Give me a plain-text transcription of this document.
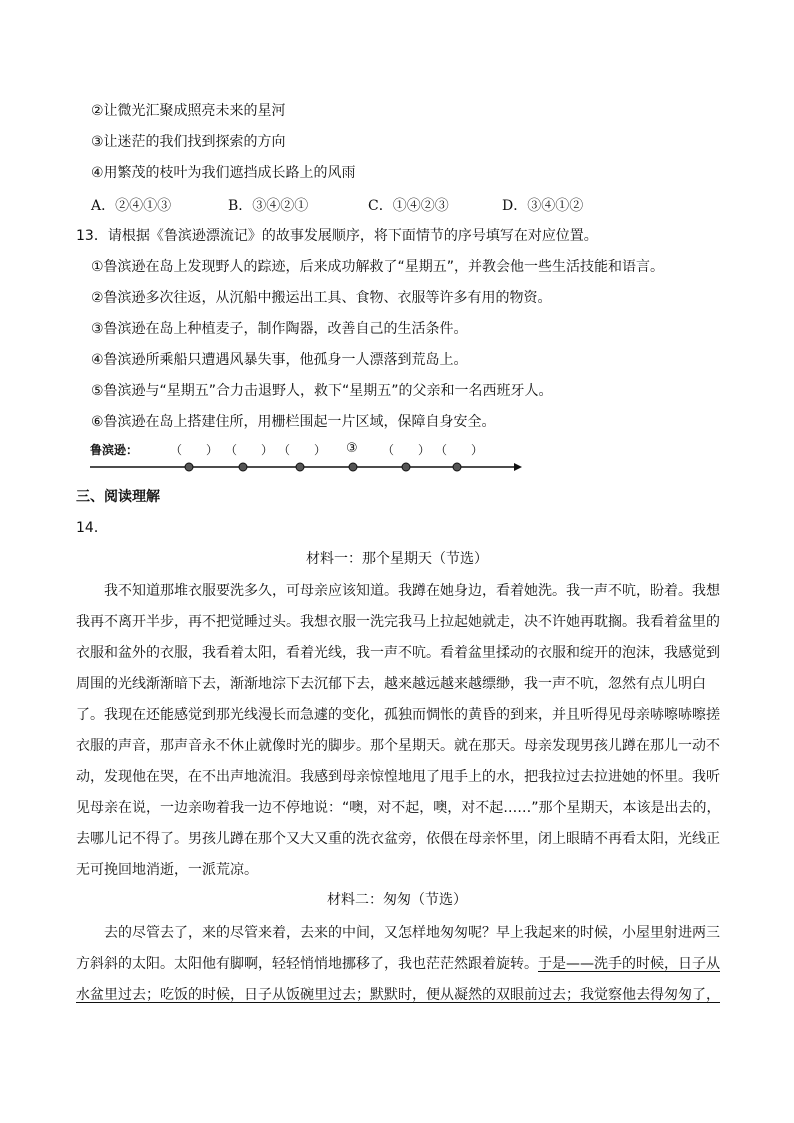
②让微光汇聚成照亮未来的星河
③让迷茫的我们找到探索的方向
④用繁茂的枝叶为我们遮挡成长路上的风雨
A．②④①③	B．③④②①	C．①④②③	D．③④①②
13．请根据《鲁滨逊漂流记》的故事发展顺序，将下面情节的序号填写在对应位置。
①鲁滨逊在岛上发现野人的踪迹，后来成功解救了“星期五”，并教会他一些生活技能和语言。
②鲁滨逊多次往返，从沉船中搬运出工具、食物、衣服等许多有用的物资。
③鲁滨逊在岛上种植麦子，制作陶器，改善自己的生活条件。
④鲁滨逊所乘船只遭遇风暴失事，他孤身一人漂落到荒岛上。
⑤鲁滨逊与“星期五”合力击退野人，救下“星期五”的父亲和一名西班牙人。
⑥鲁滨逊在岛上搭建住所，用栅栏围起一片区域，保障自身安全。
鲁滨逊：	（　　） （　　） （　　） ③ （　　） （　　）
三、阅读理解
14．
材料一：那个星期天（节选）
我不知道那堆衣服要洗多久，可母亲应该知道。我蹲在她身边，看着她洗。我一声不吭，盼着。我想我再不离开半步，再不把觉睡过头。我想衣服一洗完我马上拉起她就走，决不许她再耽搁。我看着盆里的衣服和盆外的衣服，我看着太阳，看着光线，我一声不吭。看着盆里揉动的衣服和绽开的泡沫，我感觉到周围的光线渐渐暗下去，渐渐地淙下去沉郁下去，越来越远越来越缥缈，我一声不吭，忽然有点儿明白了。 我现在还能感觉到那光线漫长而急遽的变化，孤独而惆怅的黄昏的到来，并且听得见母亲哧嚓哧嚓搓衣服的声音，那声音永不休止就像时光的脚步。那个星期天。就在那天。母亲发现男孩儿蹲在那儿一动不动，发现他在哭，在不出声地流泪。我感到母亲惊惶地甩了甩手上的水，把我拉过去拉进她的怀里。我听见母亲在说，一边亲吻着我一边不停地说：“噢，对不起，噢，对不起……”那个星期天，本该是出去的，去哪儿记不得了。男孩儿蹲在那个又大又重的洗衣盆旁，依偎在母亲怀里，闭上眼睛不再看太阳，光线正无可挽回地消逝，一派荒凉。
材料二：匆匆（节选）
去的尽管去了，来的尽管来着，去来的中间，又怎样地匆匆呢？早上我起来的时候，小屋里射进两三方斜斜的太阳。太阳他有脚啊，轻轻悄悄地挪移了，我也茫茫然跟着旋转。于是——洗手的时候，日子从水盆里过去；吃饭的时候，日子从饭碗里过去；默默时，便从凝然的双眼前过去；我觉察他去得匆匆了，
